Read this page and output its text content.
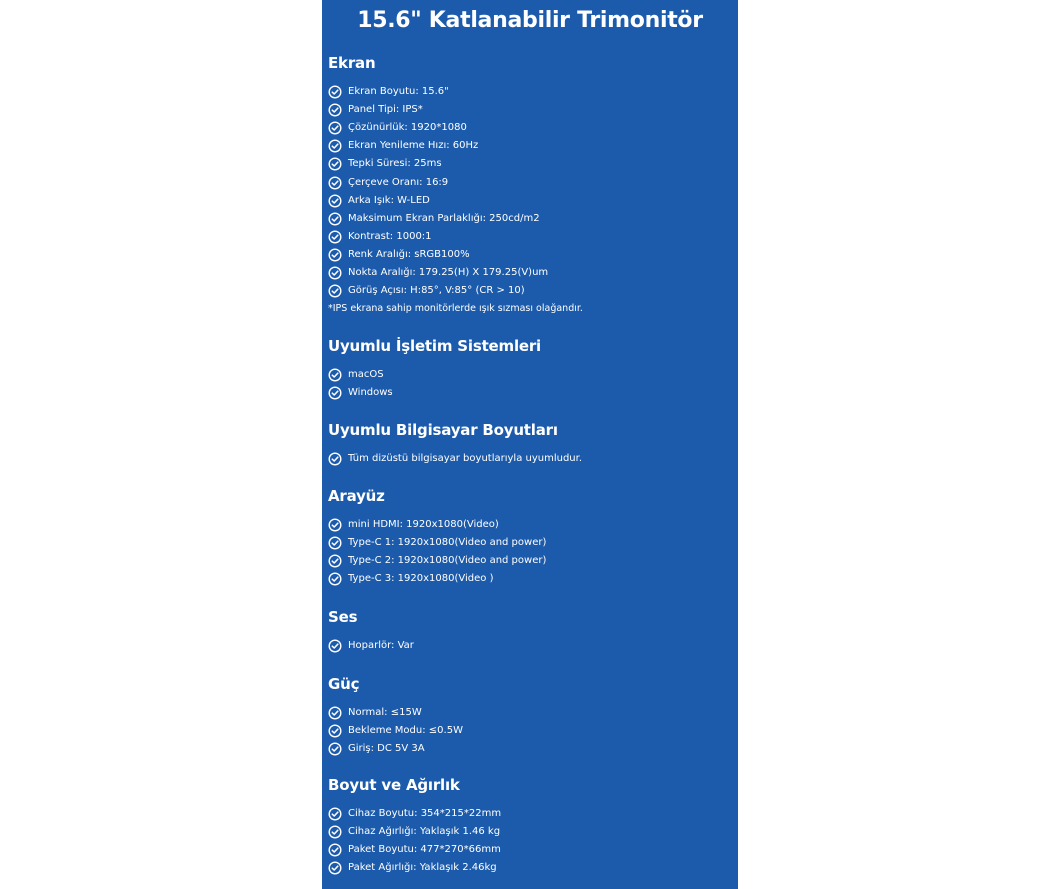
15.6" Katlanabilir Trimonitör
Ekran
Ekran Boyutu: 15.6"
Panel Tipi: IPS*
Çözünürlük: 1920*1080
Ekran Yenileme Hızı: 60Hz
Tepki Süresi: 25ms
Çerçeve Oranı: 16:9
Arka Işık: W-LED
Maksimum Ekran Parlaklığı: 250cd/m2
Kontrast: 1000:1
Renk Aralığı: sRGB100%
Nokta Aralığı: 179.25(H) X 179.25(V)um
Görüş Açısı: H:85°, V:85° (CR > 10)
*IPS ekrana sahip monitörlerde ışık sızması olağandır.
Uyumlu İşletim Sistemleri
macOS
Windows
Uyumlu Bilgisayar Boyutları
Tüm dizüstü bilgisayar boyutlarıyla uyumludur.
Arayüz
mini HDMI: 1920x1080(Video)
Type-C 1: 1920x1080(Video and power)
Type-C 2: 1920x1080(Video and power)
Type-C 3: 1920x1080(Video )
Ses
Hoparlör: Var
Güç
Normal: ≤15W
Bekleme Modu: ≤0.5W
Giriş: DC 5V 3A
Boyut ve Ağırlık
Cihaz Boyutu: 354*215*22mm
Cihaz Ağırlığı: Yaklaşık 1.46 kg
Paket Boyutu: 477*270*66mm
Paket Ağırlığı: Yaklaşık 2.46kg
